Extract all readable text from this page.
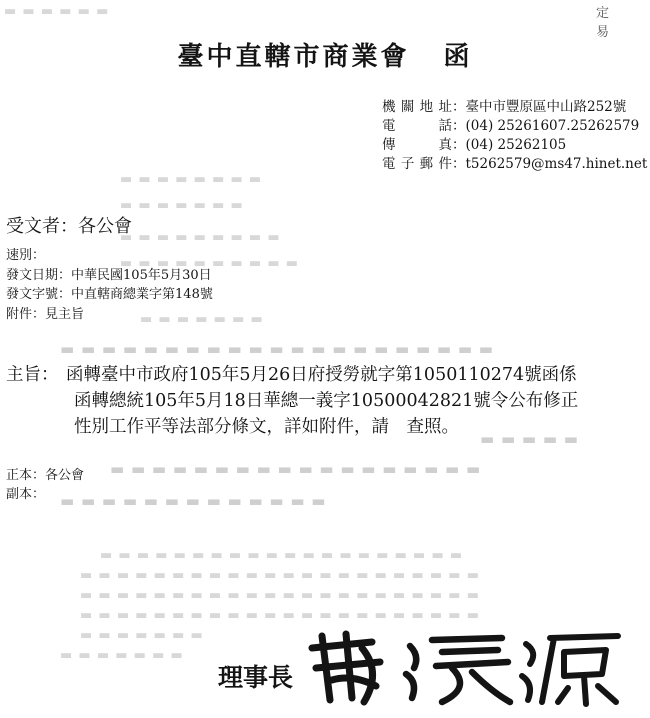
▬ ▬ ▬ ▬ ▬ ▬
▬ ▬ ▬ ▬ ▬ ▬ ▬ ▬
▬ ▬ ▬ ▬ ▬ ▬ ▬
▬ ▬ ▬ ▬ ▬ ▬ ▬ ▬ ▬
▬ ▬ ▬ ▬ ▬ ▬ ▬ ▬ ▬ ▬
▬ ▬ ▬ ▬ ▬ ▬ ▬
▬ ▬ ▬ ▬ ▬ ▬ ▬ ▬ ▬ ▬ ▬ ▬ ▬ ▬ ▬ ▬ ▬ ▬ ▬ ▬ ▬
▬ ▬ ▬ ▬ ▬
▬ ▬ ▬ ▬ ▬ ▬ ▬ ▬ ▬ ▬ ▬ ▬ ▬ ▬ ▬ ▬ ▬ ▬
▬ ▬ ▬ ▬ ▬ ▬ ▬ ▬ ▬ ▬ ▬ ▬ ▬
▬ ▬ ▬ ▬ ▬ ▬ ▬ ▬ ▬ ▬ ▬ ▬ ▬ ▬ ▬ ▬ ▬ ▬ ▬ ▬
▬ ▬ ▬ ▬ ▬ ▬ ▬ ▬ ▬ ▬ ▬ ▬ ▬ ▬ ▬ ▬ ▬ ▬ ▬ ▬ ▬ ▬
▬ ▬ ▬ ▬ ▬ ▬ ▬ ▬ ▬ ▬ ▬ ▬ ▬ ▬ ▬ ▬ ▬ ▬ ▬ ▬ ▬ ▬
▬ ▬ ▬ ▬ ▬ ▬ ▬ ▬ ▬ ▬ ▬ ▬ ▬ ▬ ▬ ▬ ▬ ▬ ▬ ▬ ▬ ▬
▬ ▬ ▬ ▬ ▬ ▬ ▬
▬ ▬ ▬ ▬ ▬ ▬ ▬
定 易
臺中直轄市商業會 函
機關地址：臺中市豐原區中山路252號
電話：(04) 25261607.25262579
傳真：(04) 25262105
電子郵件：t5262579@ms47.hinet.net
受文者：各公會
速別：
發文日期：中華民國105年5月30日
發文字號：中直轄商總業字第148號
附件：見主旨
主旨： 函轉臺中市政府105年5月26日府授勞就字第1050110274號函係
函轉總統105年5月18日華總一義字10500042821號令公布修正
性別工作平等法部分條文，詳如附件，請　查照。
正本：各公會
副本：
理事長
